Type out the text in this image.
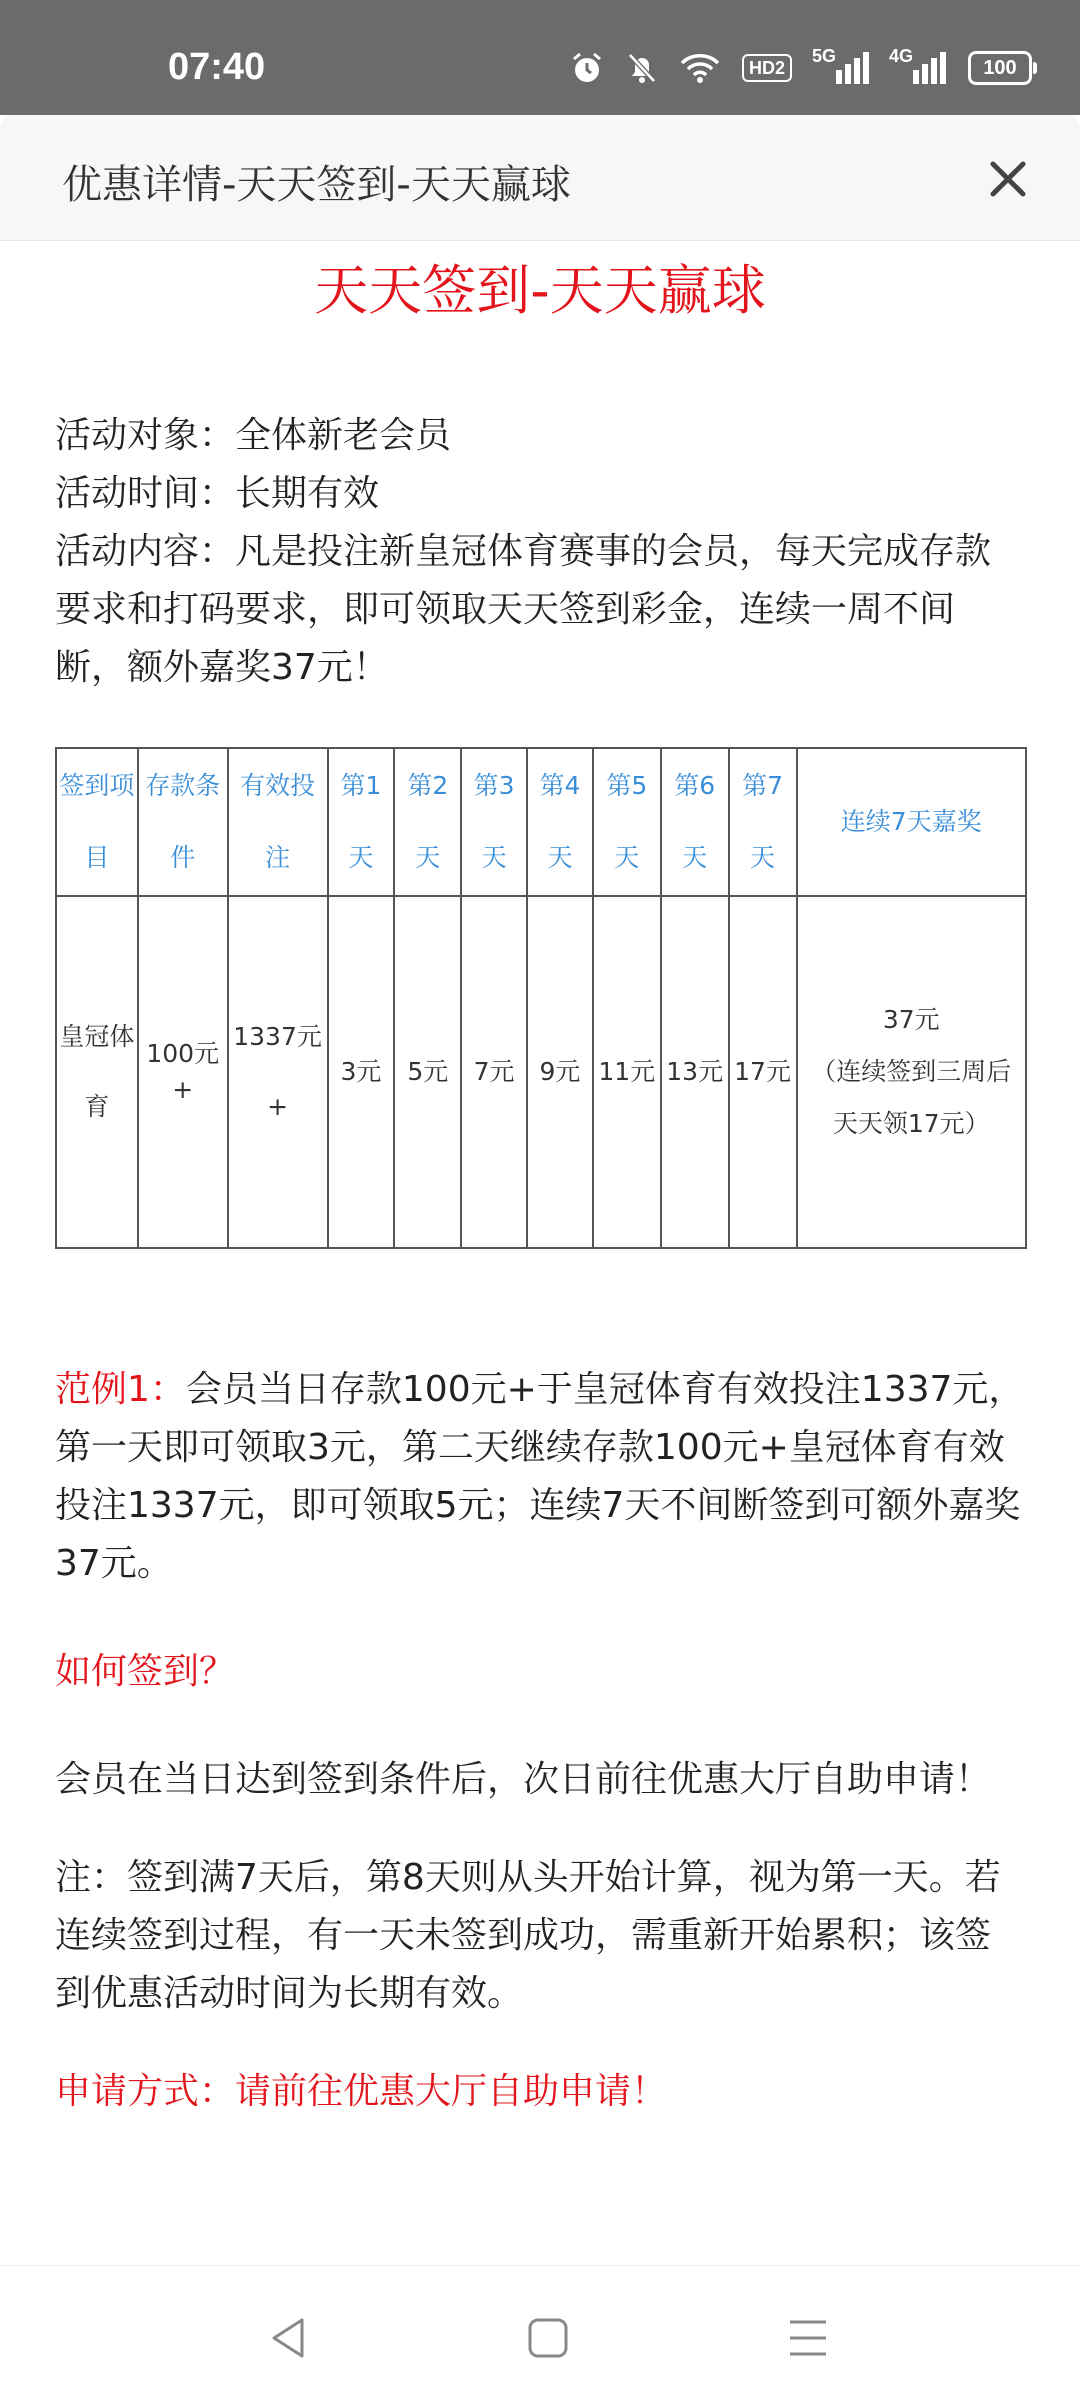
07:40	HD2
5G	4G
100
优惠详情-天天签到-天天赢球
天天签到-天天赢球

活动对象：全体新老会员

活动时间：长期有效

活动内容：凡是投注新皇冠体育赛事的会员，每天完成存款要求和打码要求，即可领取天天签到彩金，连续一周不间断，额外嘉奖37元！

签到项目	存款条件	有效投注	第1天	第2天	第3天	第4天	第5天	第6天	第7天	连续7天嘉奖
皇冠体育	100元+	1337元+	3元	5元	7元	9元	11元	13元	17元	37元
（连续签到三周后天天领17元）

范例1：会员当日存款100元+于皇冠体育有效投注1337元，第一天即可领取3元，第二天继续存款100元+皇冠体育有效投注1337元，即可领取5元；连续7天不间断签到可额外嘉奖37元。

如何签到？

会员在当日达到签到条件后，次日前往优惠大厅自助申请！

注：签到满7天后，第8天则从头开始计算，视为第一天。若连续签到过程，有一天未签到成功，需重新开始累积；该签到优惠活动时间为长期有效。

申请方式：请前往优惠大厅自助申请！
